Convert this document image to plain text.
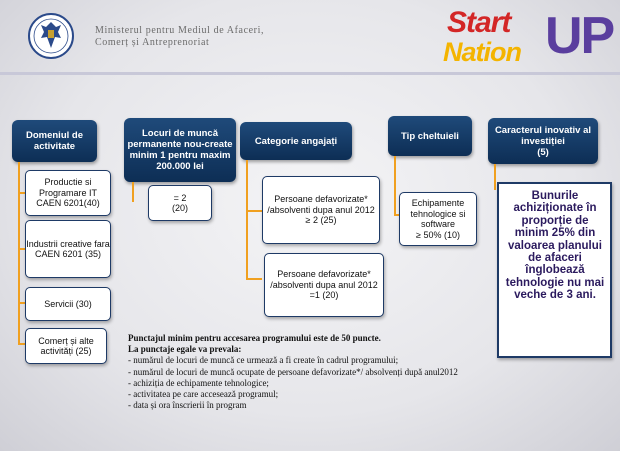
Ministerul pentru Mediul de Afaceri,
Comerț și Antreprenoriat
Start
Nation UP
Domeniul de activitate
Productie si Programare IT CAEN 6201(40)
Industrii creative fara CAEN 6201 (35)
Servicii (30)
Comerț și alte activități (25)
Locuri de muncă permanente nou-create minim 1 pentru maxim 200.000 lei
= 2
(20)
Categorie angajați
Persoane defavorizate* /absolventi dupa anul 2012
≥ 2 (25)
Persoane defavorizate* /absolventi dupa anul 2012
=1 (20)
Tip cheltuieli
Echipamente tehnologice si software
≥ 50% (10)
Caracterul inovativ al investiției
(5)
Bunurile achiziționate în proporție de minim 25% din valoarea planului de afaceri înglobează tehnologie nu mai veche de 3 ani.
Punctajul minim pentru accesarea programului este de 50 puncte.
La punctaje egale va prevala:
- numărul de locuri de muncă ce urmează a fi create în cadrul programului;
- numărul de locuri de muncă ocupate de persoane defavorizate*/ absolvenți după anul2012
- achiziția de echipamente tehnologice;
- activitatea pe care accesează programul;
- data și ora înscrierii în program
